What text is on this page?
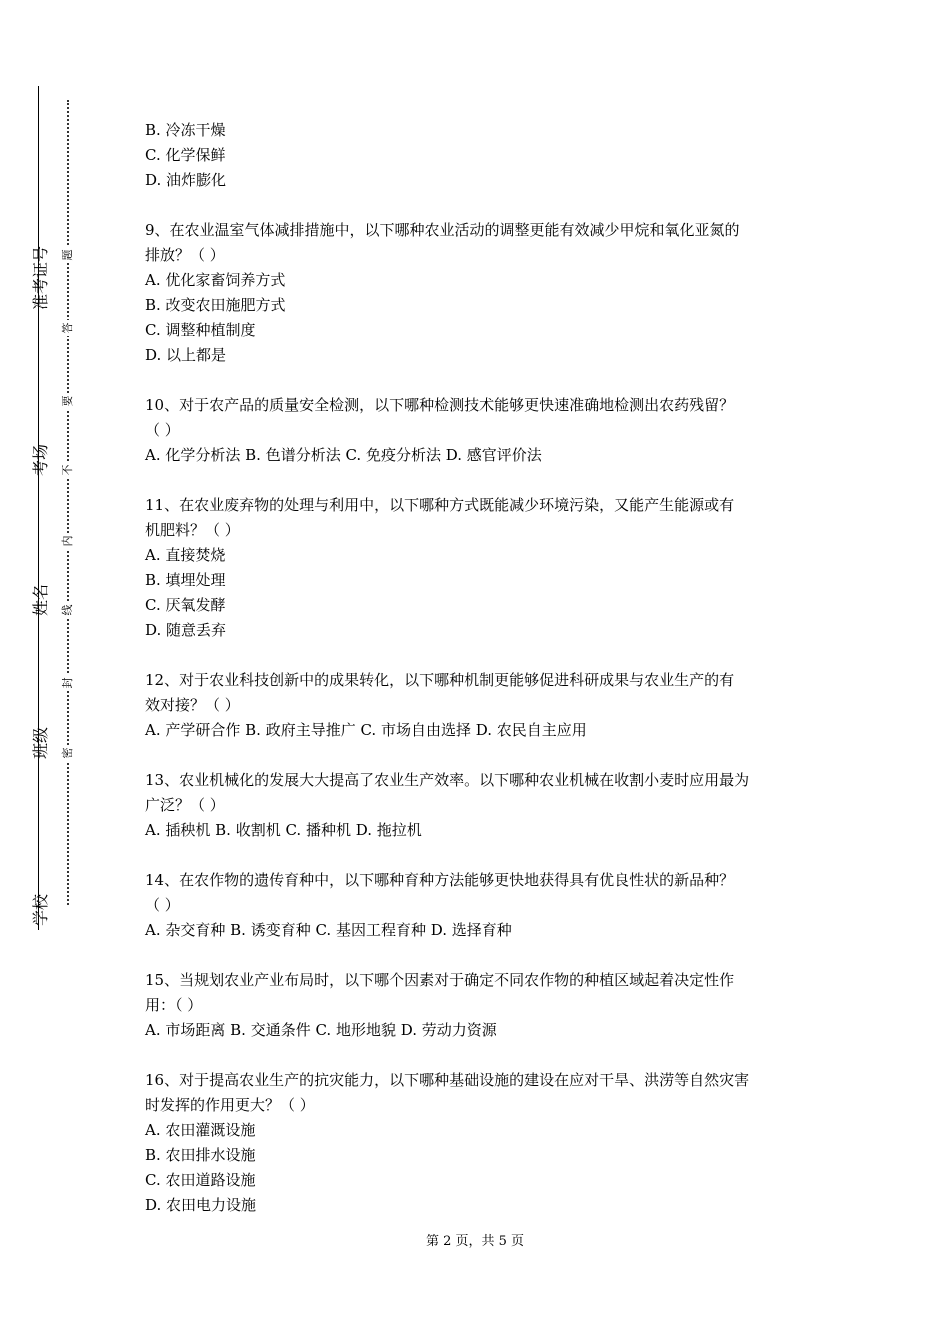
准考证号
考场
姓名
班级
学校
题
答
要
不
内
线
封
密
B. 冷冻干燥
C. 化学保鲜
D. 油炸膨化
9、在农业温室气体减排措施中，以下哪种农业活动的调整更能有效减少甲烷和氧化亚氮的
排放？（ ）
A. 优化家畜饲养方式
B. 改变农田施肥方式
C. 调整种植制度
D. 以上都是
10、对于农产品的质量安全检测，以下哪种检测技术能够更快速准确地检测出农药残留？
（ ）
A. 化学分析法 B. 色谱分析法 C. 免疫分析法 D. 感官评价法
11、在农业废弃物的处理与利用中，以下哪种方式既能减少环境污染，又能产生能源或有
机肥料？（ ）
A. 直接焚烧
B. 填埋处理
C. 厌氧发酵
D. 随意丢弃
12、对于农业科技创新中的成果转化，以下哪种机制更能够促进科研成果与农业生产的有
效对接？（ ）
A. 产学研合作 B. 政府主导推广 C. 市场自由选择 D. 农民自主应用
13、农业机械化的发展大大提高了农业生产效率。以下哪种农业机械在收割小麦时应用最为
广泛？（ ）
A. 插秧机 B. 收割机 C. 播种机 D. 拖拉机
14、在农作物的遗传育种中，以下哪种育种方法能够更快地获得具有优良性状的新品种？
（ ）
A. 杂交育种 B. 诱变育种 C. 基因工程育种 D. 选择育种
15、当规划农业产业布局时，以下哪个因素对于确定不同农作物的种植区域起着决定性作
用：（ ）
A. 市场距离 B. 交通条件 C. 地形地貌 D. 劳动力资源
16、对于提高农业生产的抗灾能力，以下哪种基础设施的建设在应对干旱、洪涝等自然灾害
时发挥的作用更大？（ ）
A. 农田灌溉设施
B. 农田排水设施
C. 农田道路设施
D. 农田电力设施
第 2 页，共 5 页
